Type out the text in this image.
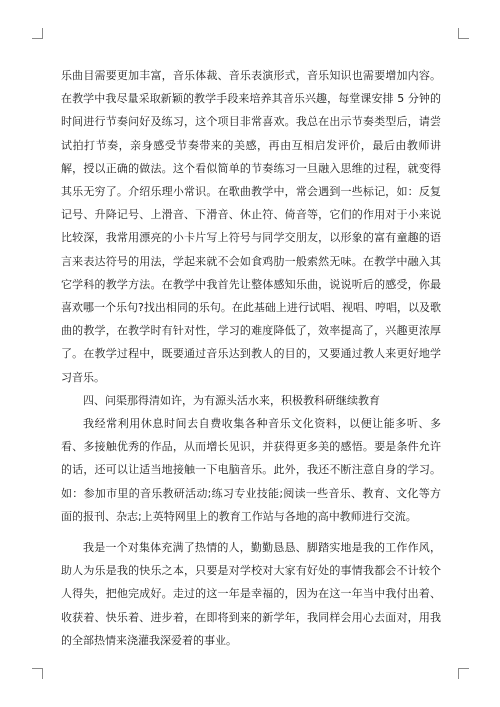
乐曲目需要更加丰富，音乐体裁、音乐表演形式，音乐知识也需要增加内容。在教学中我尽量采取新颖的教学手段来培养其音乐兴趣，每堂课安排 5 分钟的时间进行节奏问好及练习，这个项目非常喜欢。我总在出示节奏类型后，请尝试拍打节奏，亲身感受节奏带来的美感，再由互相启发评价，最后由教师讲解，授以正确的做法。这个看似简单的节奏练习一旦融入思维的过程，就变得其乐无穷了。介绍乐理小常识。在歌曲教学中，常会遇到一些标记，如：反复记号、升降记号、上滑音、下滑音、休止符、倚音等，它们的作用对于小来说比较深，我常用漂亮的小卡片写上符号与同学交朋友，以形象的富有童趣的语言来表达符号的用法，学起来就不会如食鸡肋一般索然无味。在教学中融入其它学科的教学方法。在教学中我首先让整体感知乐曲，说说听后的感受，你最喜欢哪一个乐句?找出相同的乐句。在此基础上进行试唱、视唱、哼唱，以及歌曲的教学，在教学时有针对性，学习的难度降低了，效率提高了，兴趣更浓厚了。在教学过程中，既要通过音乐达到教人的目的，又要通过教人来更好地学习音乐。

四、问渠那得清如许，为有源头活水来，积极教科研继续教育

我经常利用休息时间去自费收集各种音乐文化资料，以便让能多听、多看、多接触优秀的作品，从而增长见识，并获得更多美的感悟。要是条件允许的话，还可以让适当地接触一下电脑音乐。此外，我还不断注意自身的学习。如：参加市里的音乐教研活动;练习专业技能;阅读一些音乐、教育、文化等方面的报刊、杂志;上英特网里上的教育工作站与各地的高中教师进行交流。

我是一个对集体充满了热情的人，勤勤恳恳、脚踏实地是我的工作作风，助人为乐是我的快乐之本，只要是对学校对大家有好处的事情我都会不计较个人得失，把他完成好。走过的这一年是幸福的，因为在这一年当中我付出着、收获着、快乐着、进步着，在即将到来的新学年，我同样会用心去面对，用我的全部热情来浇灌我深爱着的事业。
